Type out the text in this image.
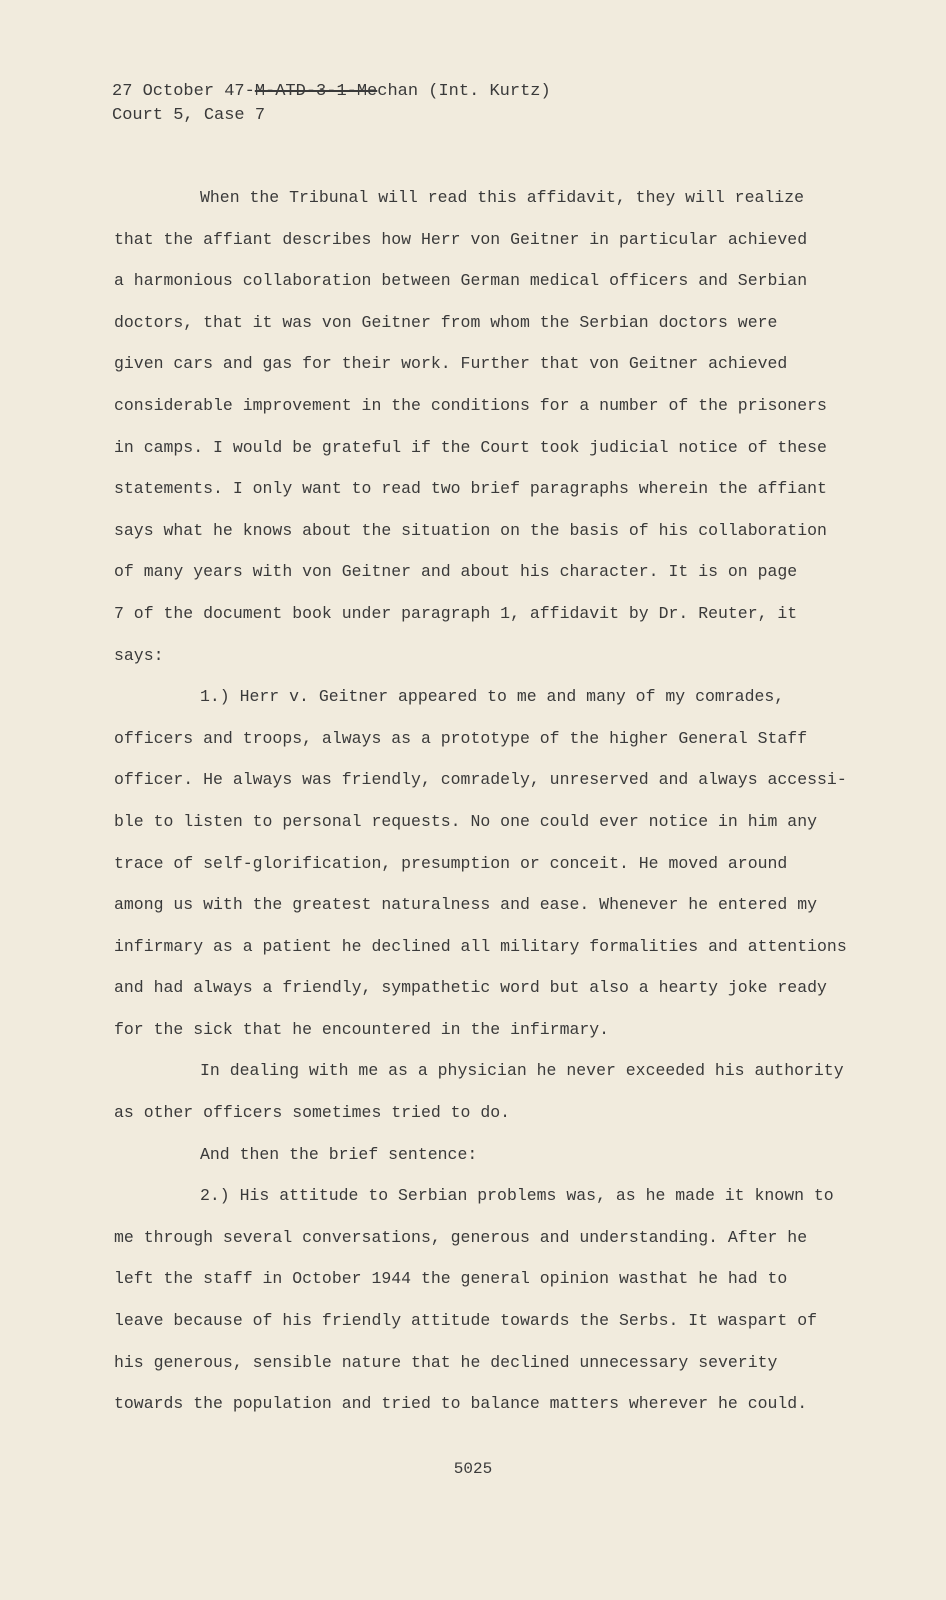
27 October 47-M-ATD-3-1-Mechan (Int. Kurtz)
Court 5, Case 7
When the Tribunal will read this affidavit, they will realize
that the affiant describes how Herr von Geitner in particular achieved
a harmonious collaboration between German medical officers and Serbian
doctors, that it was von Geitner from whom the Serbian doctors were
given cars and gas for their work. Further that von Geitner achieved
considerable improvement in the conditions for a number of the prisoners
in camps. I would be grateful if the Court took judicial notice of these
statements. I only want to read two brief paragraphs wherein the affiant
says what he knows about the situation on the basis of his collaboration
of many years with von Geitner and about his character. It is on page
7 of the document book under paragraph 1, affidavit by Dr. Reuter, it
says:
1.) Herr v. Geitner appeared to me and many of my comrades,
officers and troops, always as a prototype of the higher General Staff
officer. He always was friendly, comradely, unreserved and always accessi-
ble to listen to personal requests. No one could ever notice in him any
trace of self-glorification, presumption or conceit. He moved around
among us with the greatest naturalness and ease. Whenever he entered my
infirmary as a patient he declined all military formalities and attentions
and had always a friendly, sympathetic word but also a hearty joke ready
for the sick that he encountered in the infirmary.
In dealing with me as a physician he never exceeded his authority
as other officers sometimes tried to do.
And then the brief sentence:
2.) His attitude to Serbian problems was, as he made it known to
me through several conversations, generous and understanding. After he
left the staff in October 1944 the general opinion wasthat he had to
leave because of his friendly attitude towards the Serbs. It waspart of
his generous, sensible nature that he declined unnecessary severity
towards the population and tried to balance matters wherever he could.
5025
